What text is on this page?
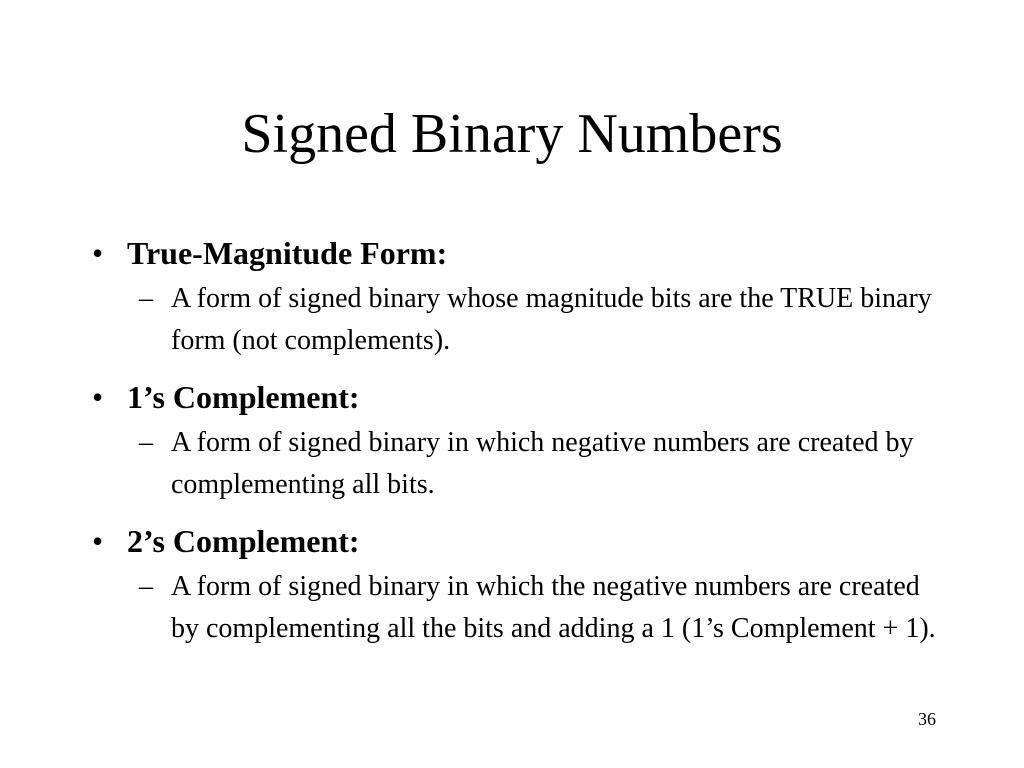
Signed Binary Numbers

• True-Magnitude Form:

– A form of signed binary whose magnitude bits are the TRUE binary form (not complements).

• 1’s Complement:

– A form of signed binary in which negative numbers are created by complementing all bits.

• 2’s Complement:

– A form of signed binary in which the negative numbers are created by complementing all the bits and adding a 1 (1’s Complement + 1).

36
